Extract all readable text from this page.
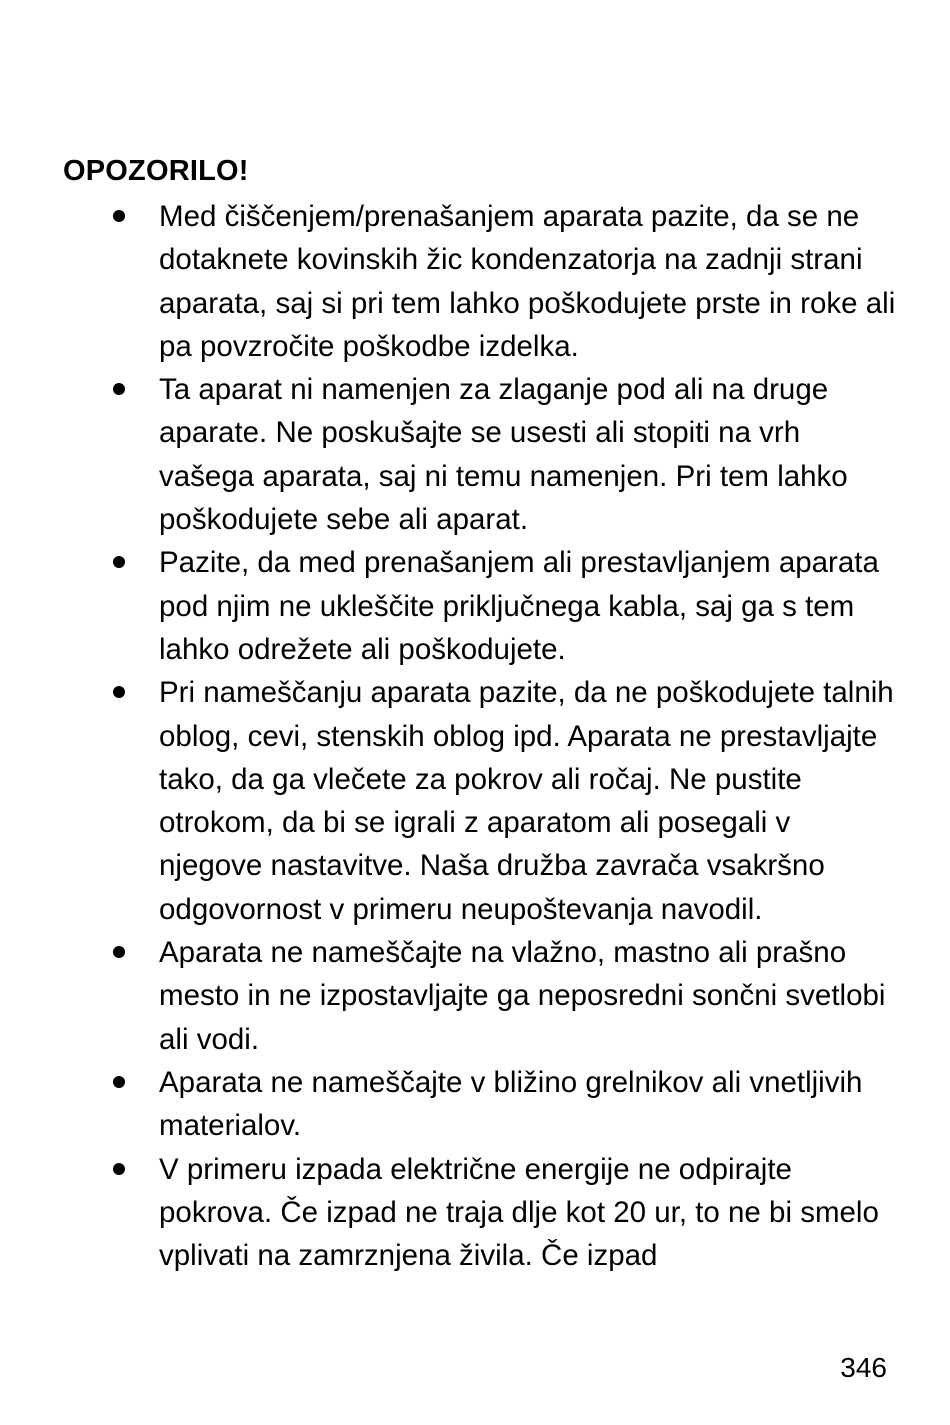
OPOZORILO!
Med čiščenjem/prenašanjem aparata pazite, da se ne dotaknete kovinskih žic kondenzatorja na zadnji strani aparata, saj si pri tem lahko poškodujete prste in roke ali pa povzročite poškodbe izdelka.
Ta aparat ni namenjen za zlaganje pod ali na druge aparate. Ne poskušajte se usesti ali stopiti na vrh vašega aparata, saj ni temu namenjen. Pri tem lahko poškodujete sebe ali aparat.
Pazite, da med prenašanjem ali prestavljanjem aparata pod njim ne uklеščite priključnega kabla, saj ga s tem lahko odrežete ali poškodujete.
Pri nameščanju aparata pazite, da ne poškodujete talnih oblog, cevi, stenskih oblog ipd. Aparata ne prestavljajte tako, da ga vlečete za pokrov ali ročaj. Ne pustite otrokom, da bi se igrali z aparatom ali posegali v njegove nastavitve. Naša družba zavrača vsakršno odgovornost v primeru neupoštevanja navodil.
Aparata ne nameščajte na vlažno, mastno ali prašno mesto in ne izpostavljajte ga neposredni sončni svetlobi ali vodi.
Aparata ne nameščajte v bližino grelnikov ali vnetljivih materialov.
V primeru izpada električne energije ne odpirajte pokrova. Če izpad ne traja dlje kot 20 ur, to ne bi smelo vplivati na zamrznjena živila. Če izpad
346
